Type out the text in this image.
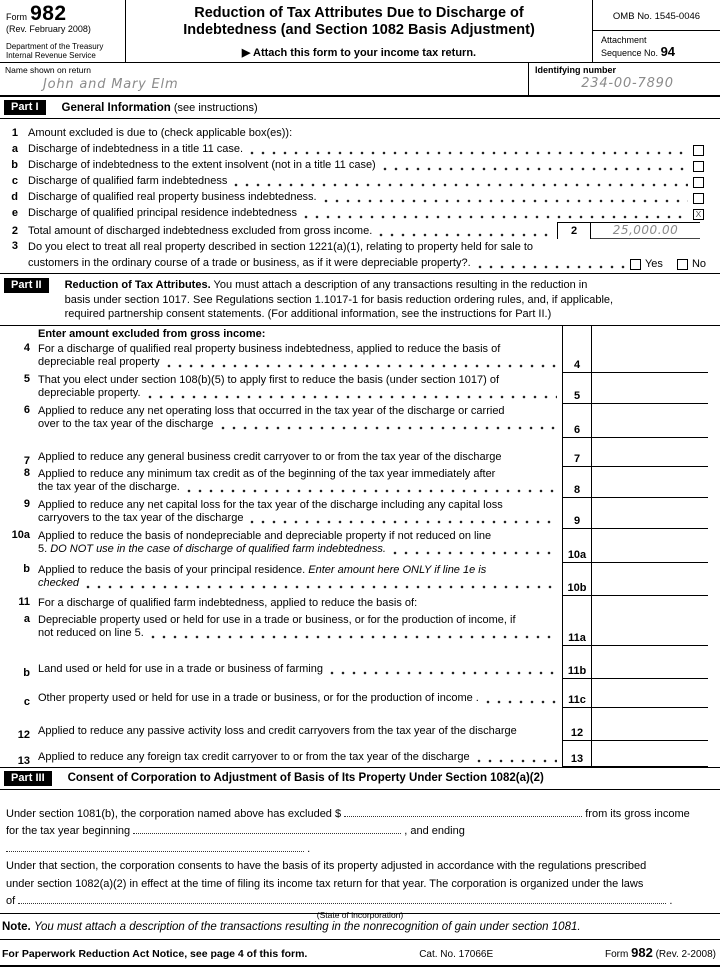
Form 982
(Rev. February 2008)
Department of the Treasury
Internal Revenue Service
Reduction of Tax Attributes Due to Discharge of
Indebtedness (and Section 1082 Basis Adjustment)
▶ Attach this form to your income tax return.
OMB No. 1545-0046
Attachment
Sequence No. 94
Name shown on return
John and Mary Elm
Identifying number
234-00-7890
Part I	General Information
(see instructions)
1 Amount excluded is due to (check applicable box(es)):
a Discharge of indebtedness in a title 11 case.
b Discharge of indebtedness to the extent insolvent (not in a title 11 case)
c Discharge of qualified farm indebtedness
d Discharge of qualified real property business indebtedness.
e Discharge of qualified principal residence indebtedness	X
2 Total amount of discharged indebtedness excluded from gross income.	2	25,000.00
3 Do you elect to treat all real property described in section 1221(a)(1), relating to property held for sale to
customers in the ordinary course of a trade or business, as if it were depreciable property?.	Yes	No
Part II	Reduction of Tax Attributes. You must attach a description of any transactions resulting in the reduction in
basis under section 1017. See Regulations section 1.1017-1 for basis reduction ordering rules, and, if applicable,
required partnership consent statements. (For additional information, see the instructions for Part II.)
Enter amount excluded from gross income:
4 For a discharge of qualified real property business indebtedness, applied to reduce the basis of
depreciable real property	4
5 That you elect under section 108(b)(5) to apply first to reduce the basis (under section 1017) of
depreciable property.	5
6 Applied to reduce any net operating loss that occurred in the tax year of the discharge or carried
over to the tax year of the discharge	6
7 Applied to reduce any general business credit carryover to or from the tax year of the discharge	7
8 Applied to reduce any minimum tax credit as of the beginning of the tax year immediately after
the tax year of the discharge.	8
9 Applied to reduce any net capital loss for the tax year of the discharge including any capital loss
carryovers to the tax year of the discharge	9
10a Applied to reduce the basis of nondepreciable and depreciable property if not reduced on line
5. DO NOT use in the case of discharge of qualified farm indebtedness.	10a
b Applied to reduce the basis of your principal residence. Enter amount here ONLY if line 1e is
checked	10b
11 For a discharge of qualified farm indebtedness, applied to reduce the basis of:
a Depreciable property used or held for use in a trade or business, or for the production of income, if
not reduced on line 5.	11a
b Land used or held for use in a trade or business of farming	11b
c Other property used or held for use in a trade or business, or for the production of income .	11c
12 Applied to reduce any passive activity loss and credit carryovers from the tax year of the discharge	12
13 Applied to reduce any foreign tax credit carryover to or from the tax year of the discharge	13
Part III	Consent of Corporation to Adjustment of Basis of Its Property Under Section 1082(a)(2)
Under section 1081(b), the corporation named above has excluded $	from its gross income
for the tax year beginning	, and ending  .
Under that section, the corporation consents to have the basis of its property adjusted in accordance with the regulations prescribed
under section 1082(a)(2) in effect at the time of filing its income tax return for that year. The corporation is organized under the laws
of	.
(State of incorporation)
Note. You must attach a description of the transactions resulting in the nonrecognition of gain under section 1081.
For Paperwork Reduction Act Notice, see page 4 of this form.	Cat. No. 17066E	Form 982 (Rev. 2-2008)
